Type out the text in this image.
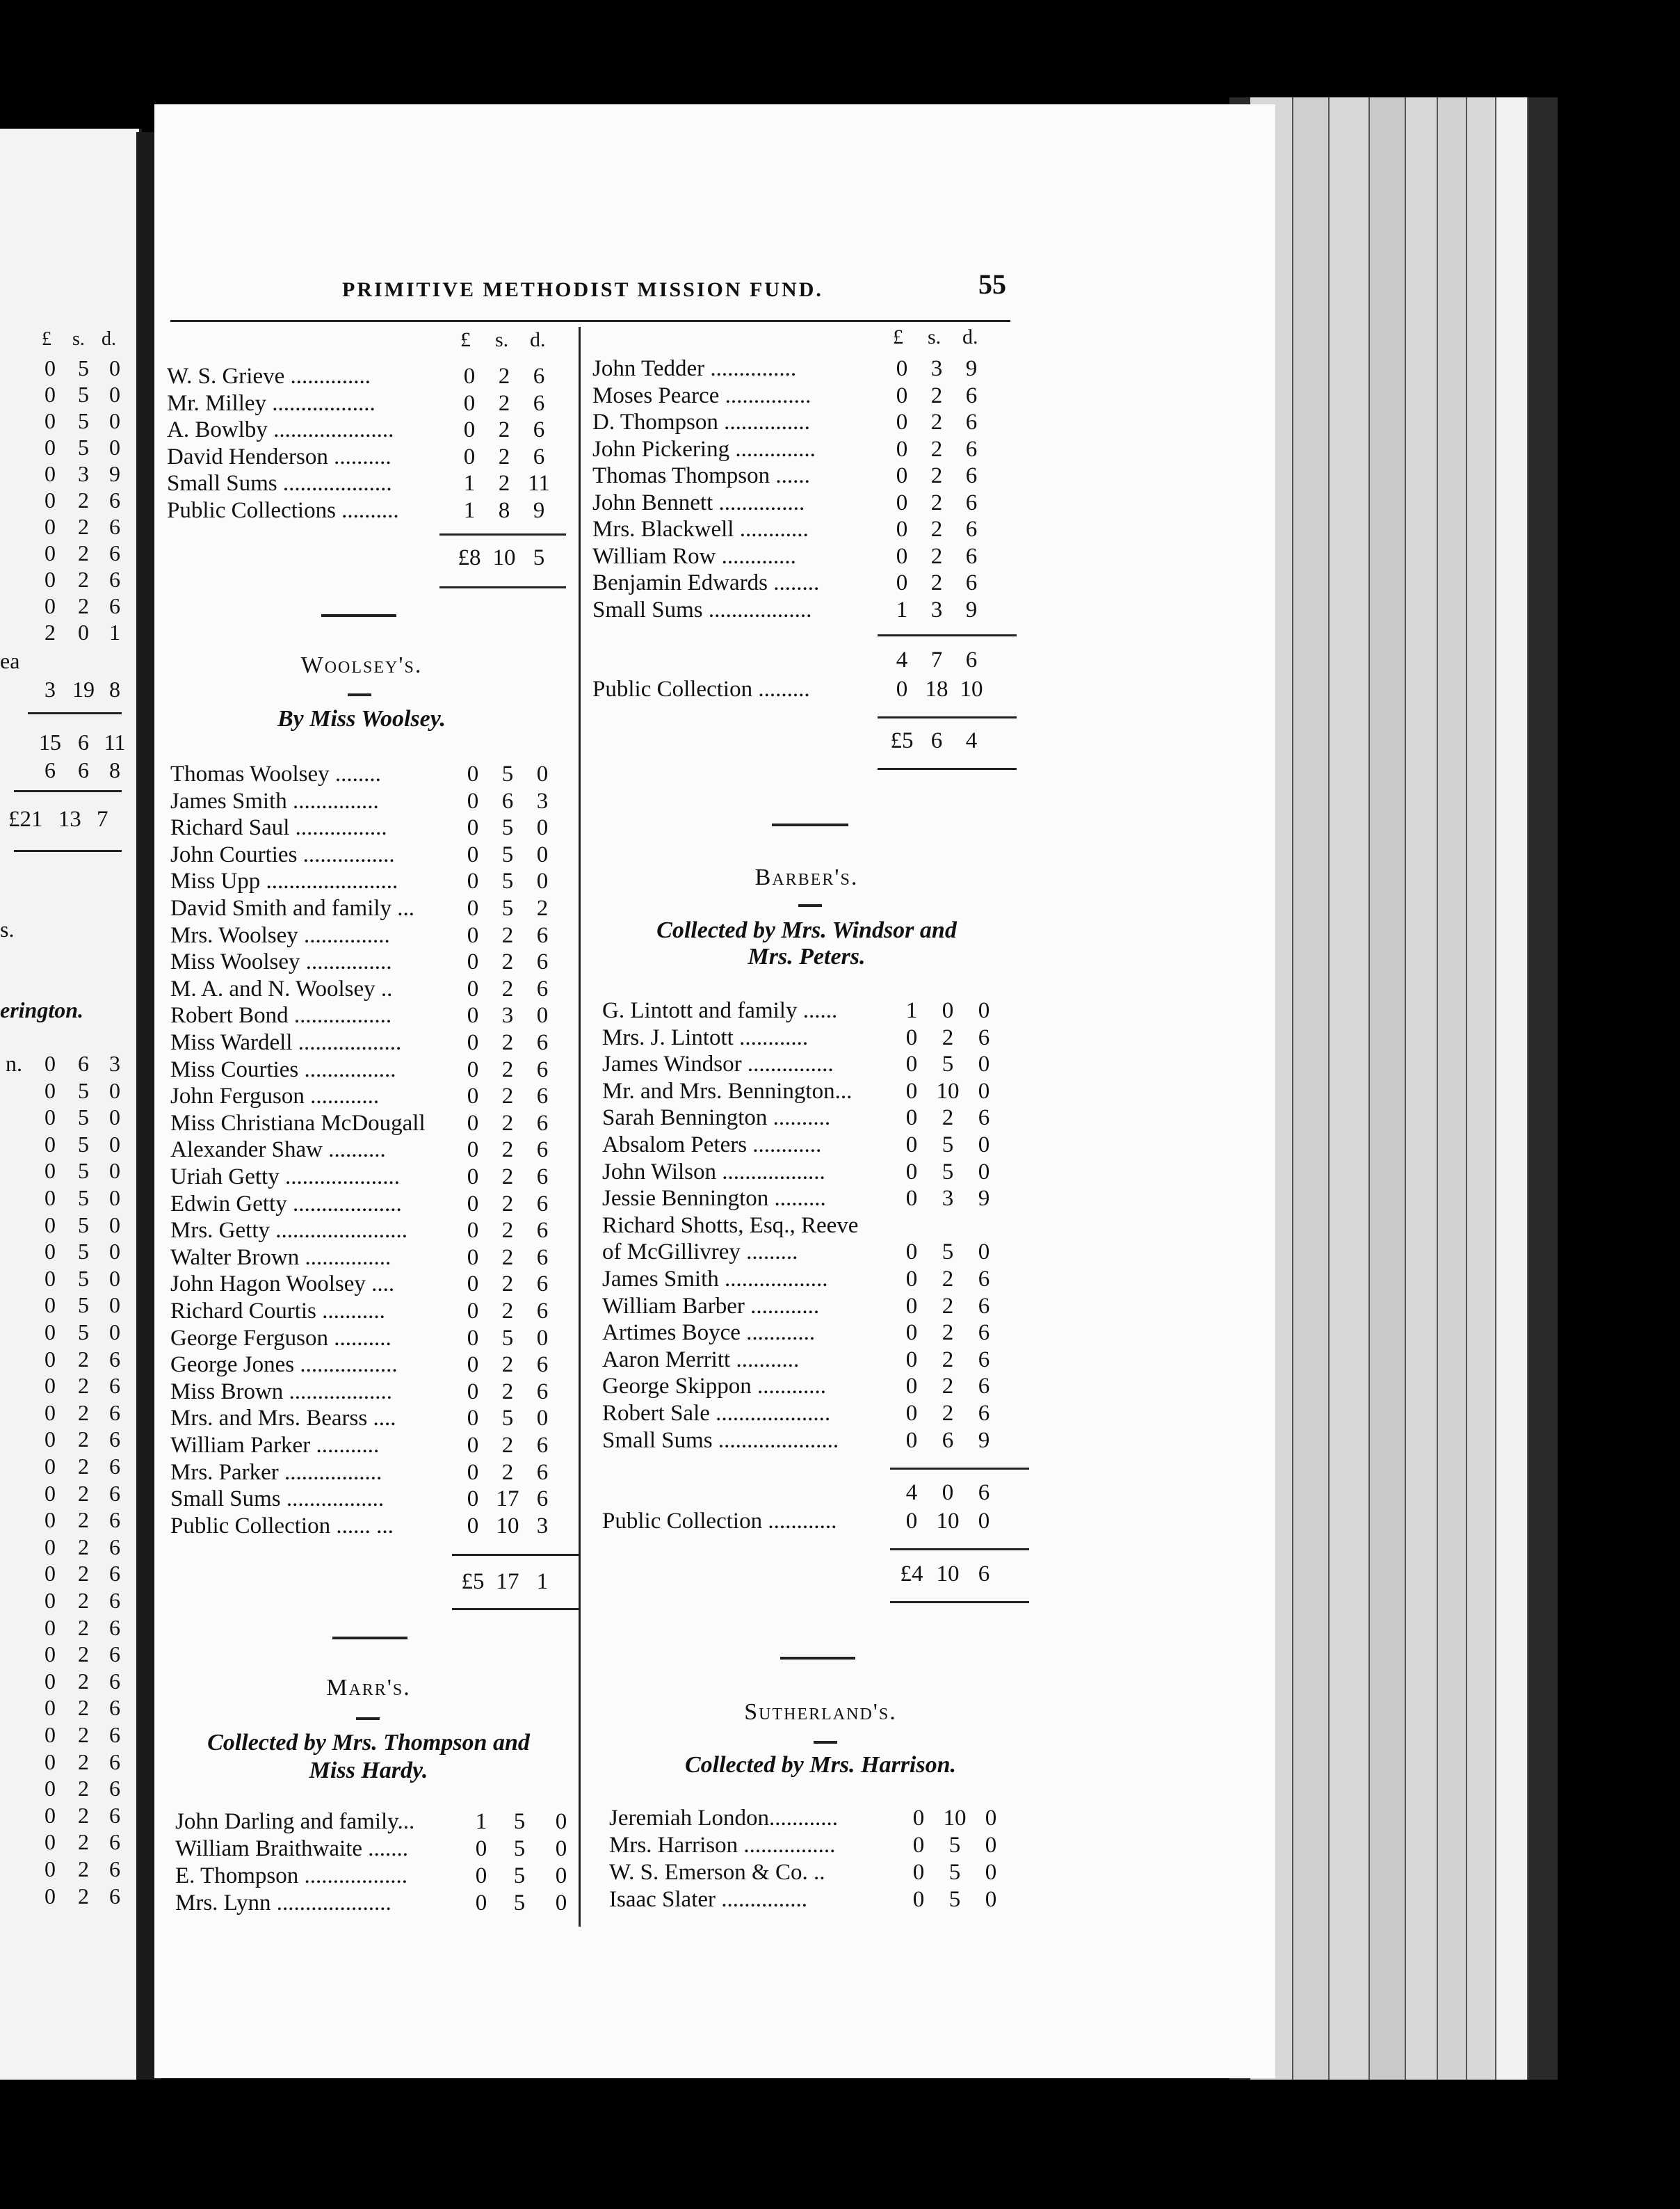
PRIMITIVE METHODIST MISSION FUND.	55
£ s. d.
W. S. Grieve ..............	0	2	6
Mr. Milley ..................	0	2	6
A. Bowlby .....................	0	2	6
David Henderson ..........	0	2	6
Small Sums ...................	1	2 11
Public Collections ..........	1	8	9
£8 10 5
Woolsey's.
By Miss Woolsey.
Thomas Woolsey ........	0	5	0
James Smith ...............	0	6	3
Richard Saul ................	0	5	0
John Courties ................	0	5	0
Miss Upp .......................	0	5	0
David Smith and family ...	0	5	2
Mrs. Woolsey ...............	0	2	6
Miss Woolsey ...............	0	2	6
M. A. and N. Woolsey ..	0	2	6
Robert Bond .................	0	3	0
Miss Wardell ..................	0	2	6
Miss Courties ................	0	2	6
John Ferguson ............	0	2	6
Miss Christiana McDougall	0	2	6
Alexander Shaw ..........	0	2	6
Uriah Getty ....................	0	2	6
Edwin Getty ...................	0	2	6
Mrs. Getty .......................	0	2	6
Walter Brown ...............	0	2	6
John Hagon Woolsey ....	0	2	6
Richard Courtis ...........	0	2	6
George Ferguson ..........	0	5	0
George Jones .................	0	2	6
Miss Brown ..................	0	2	6
Mrs. and Mrs. Bearss ....	0	5	0
William Parker ...........	0	2	6
Mrs. Parker .................	0	2	6
Small Sums .................	0 17 6
Public Collection ...... ...	0 10 3
£5 17 1
Marr's.
Collected by Mrs. Thompson and
Miss Hardy.
John Darling and family...	1	5	0
William Braithwaite .......	0	5	0
E. Thompson ..................	0	5	0
Mrs. Lynn ....................	0	5	0
£ s. d.
John Tedder ...............	0	3	9
Moses Pearce ...............	0	2	6
D. Thompson ...............	0	2	6
John Pickering ..............	0	2	6
Thomas Thompson ......	0	2	6
John Bennett ...............	0	2	6
Mrs. Blackwell ............	0	2	6
William Row .............	0	2	6
Benjamin Edwards ........	0	2	6
Small Sums ..................	1	3	9
4	7	6
Public Collection .........	0 18 10
£5 6	4
Barber's.
Collected by Mrs. Windsor and
Mrs. Peters.
G. Lintott and family ......	1	0	0
Mrs. J. Lintott ............	0	2	6
James Windsor ...............	0	5	0
Mr. and Mrs. Bennington...	0 10 0
Sarah Bennington ..........	0	2	6
Absalom Peters ............	0	5	0
John Wilson ..................	0	5	0
Jessie Bennington .........	0	3	9
Richard Shotts, Esq., Reeve
of McGillivrey .........	0	5	0
James Smith ..................	0	2	6
William Barber ............	0	2	6
Artimes Boyce ............	0	2	6
Aaron Merritt ...........	0	2	6
George Skippon ............	0	2	6
Robert Sale ....................	0	2	6
Small Sums .....................	0	6	9
4	0	6
Public Collection ............	0 10 0
£4 10 6
Sutherland's.
Collected by Mrs. Harrison.
Jeremiah London............	0 10 0
Mrs. Harrison ................	0	5	0
W. S. Emerson & Co. ..	0	5	0
Isaac Slater ...............	0	5	0
£ s. d.
0	5 0
0	5 0
0	5 0
0	5 0
0	3 9
0	2 6
0	2 6
0	2 6
0	2 6
0	2 6
2	0 1
ea
3 19 8
15 6 11
6	6 8
£21 13 7
s.
erington.
n.	0	6 3
0	5 0
0	5 0
0	5 0
0	5 0
0	5 0
0	5 0
0	5 0
0	5 0
0	5 0
0	5 0
0	2 6
0	2 6
0	2 6
0	2 6
0	2 6
0	2 6
0	2 6
0	2 6
0	2 6
0	2 6
0	2 6
0	2 6
0	2 6
0	2 6
0	2 6
0	2 6
0	2 6
0	2 6
0	2 6
0	2 6
0	2 6
